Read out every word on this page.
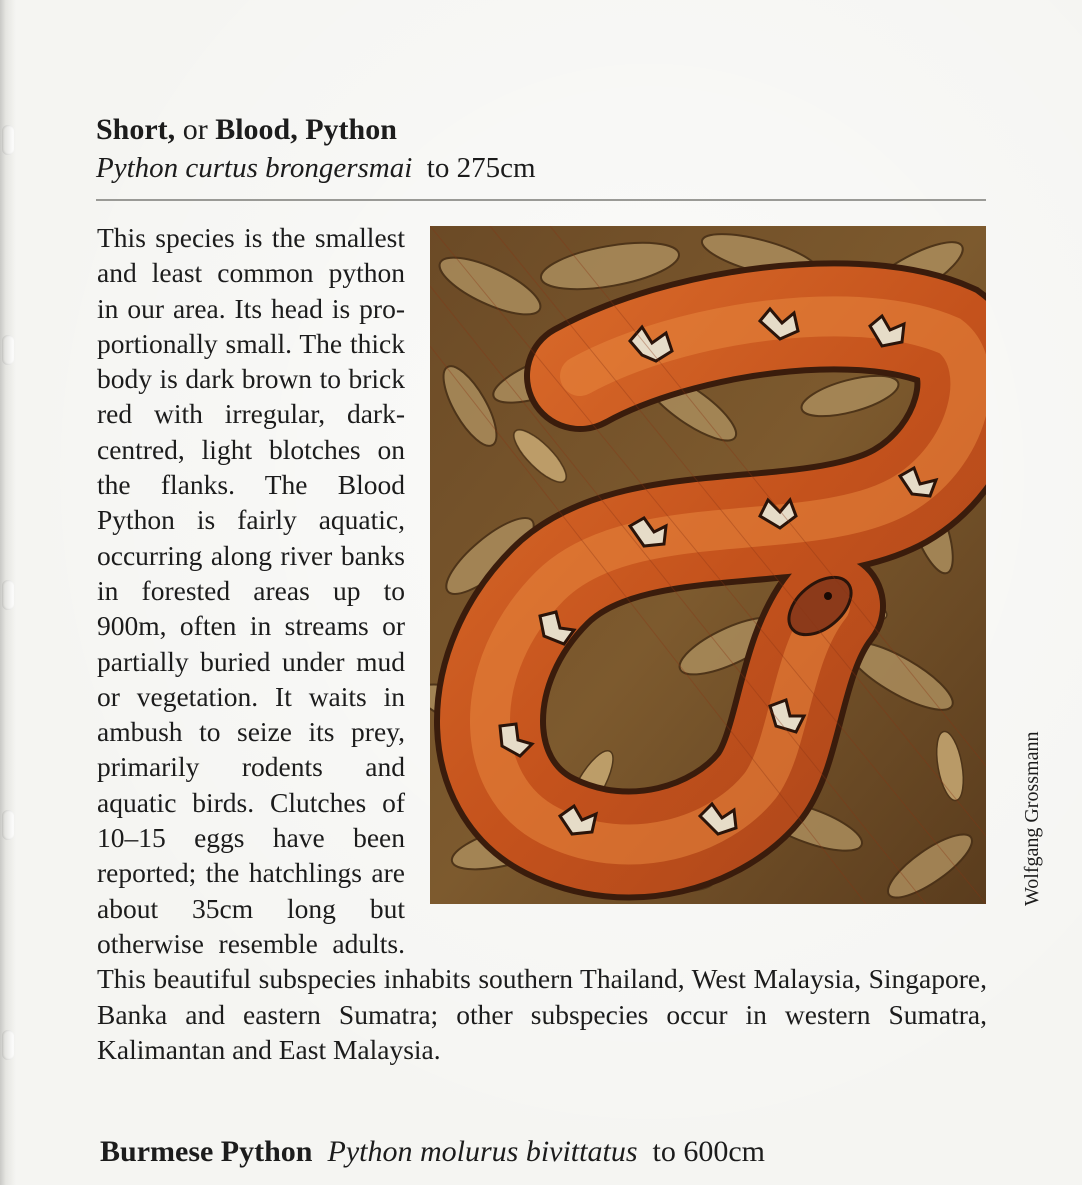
Short, or Blood, Python
Python curtus brongersmai to 275cm
Wolfgang Grossmann
This species is the smallest and least common python in our area. Its head is proportionally small. The thick body is dark brown to brick red with irregular, dark-centred, light blotches on the flanks. The Blood Python is fairly aquatic, occurring along river banks in forested areas up to 900m, often in streams or partially buried under mud or vegetation. It waits in ambush to seize its prey, primarily rodents and aquatic birds. Clutches of 10–15 eggs have been reported; the hatchlings are about 35cm long but otherwise resemble adults. This beautiful subspecies inhabits southern Thailand, West Malaysia, Singapore, Banka and eastern Sumatra; other subspecies occur in western Sumatra, Kalimantan and East Malaysia.
Burmese Python Python molurus bivittatus to 600cm
